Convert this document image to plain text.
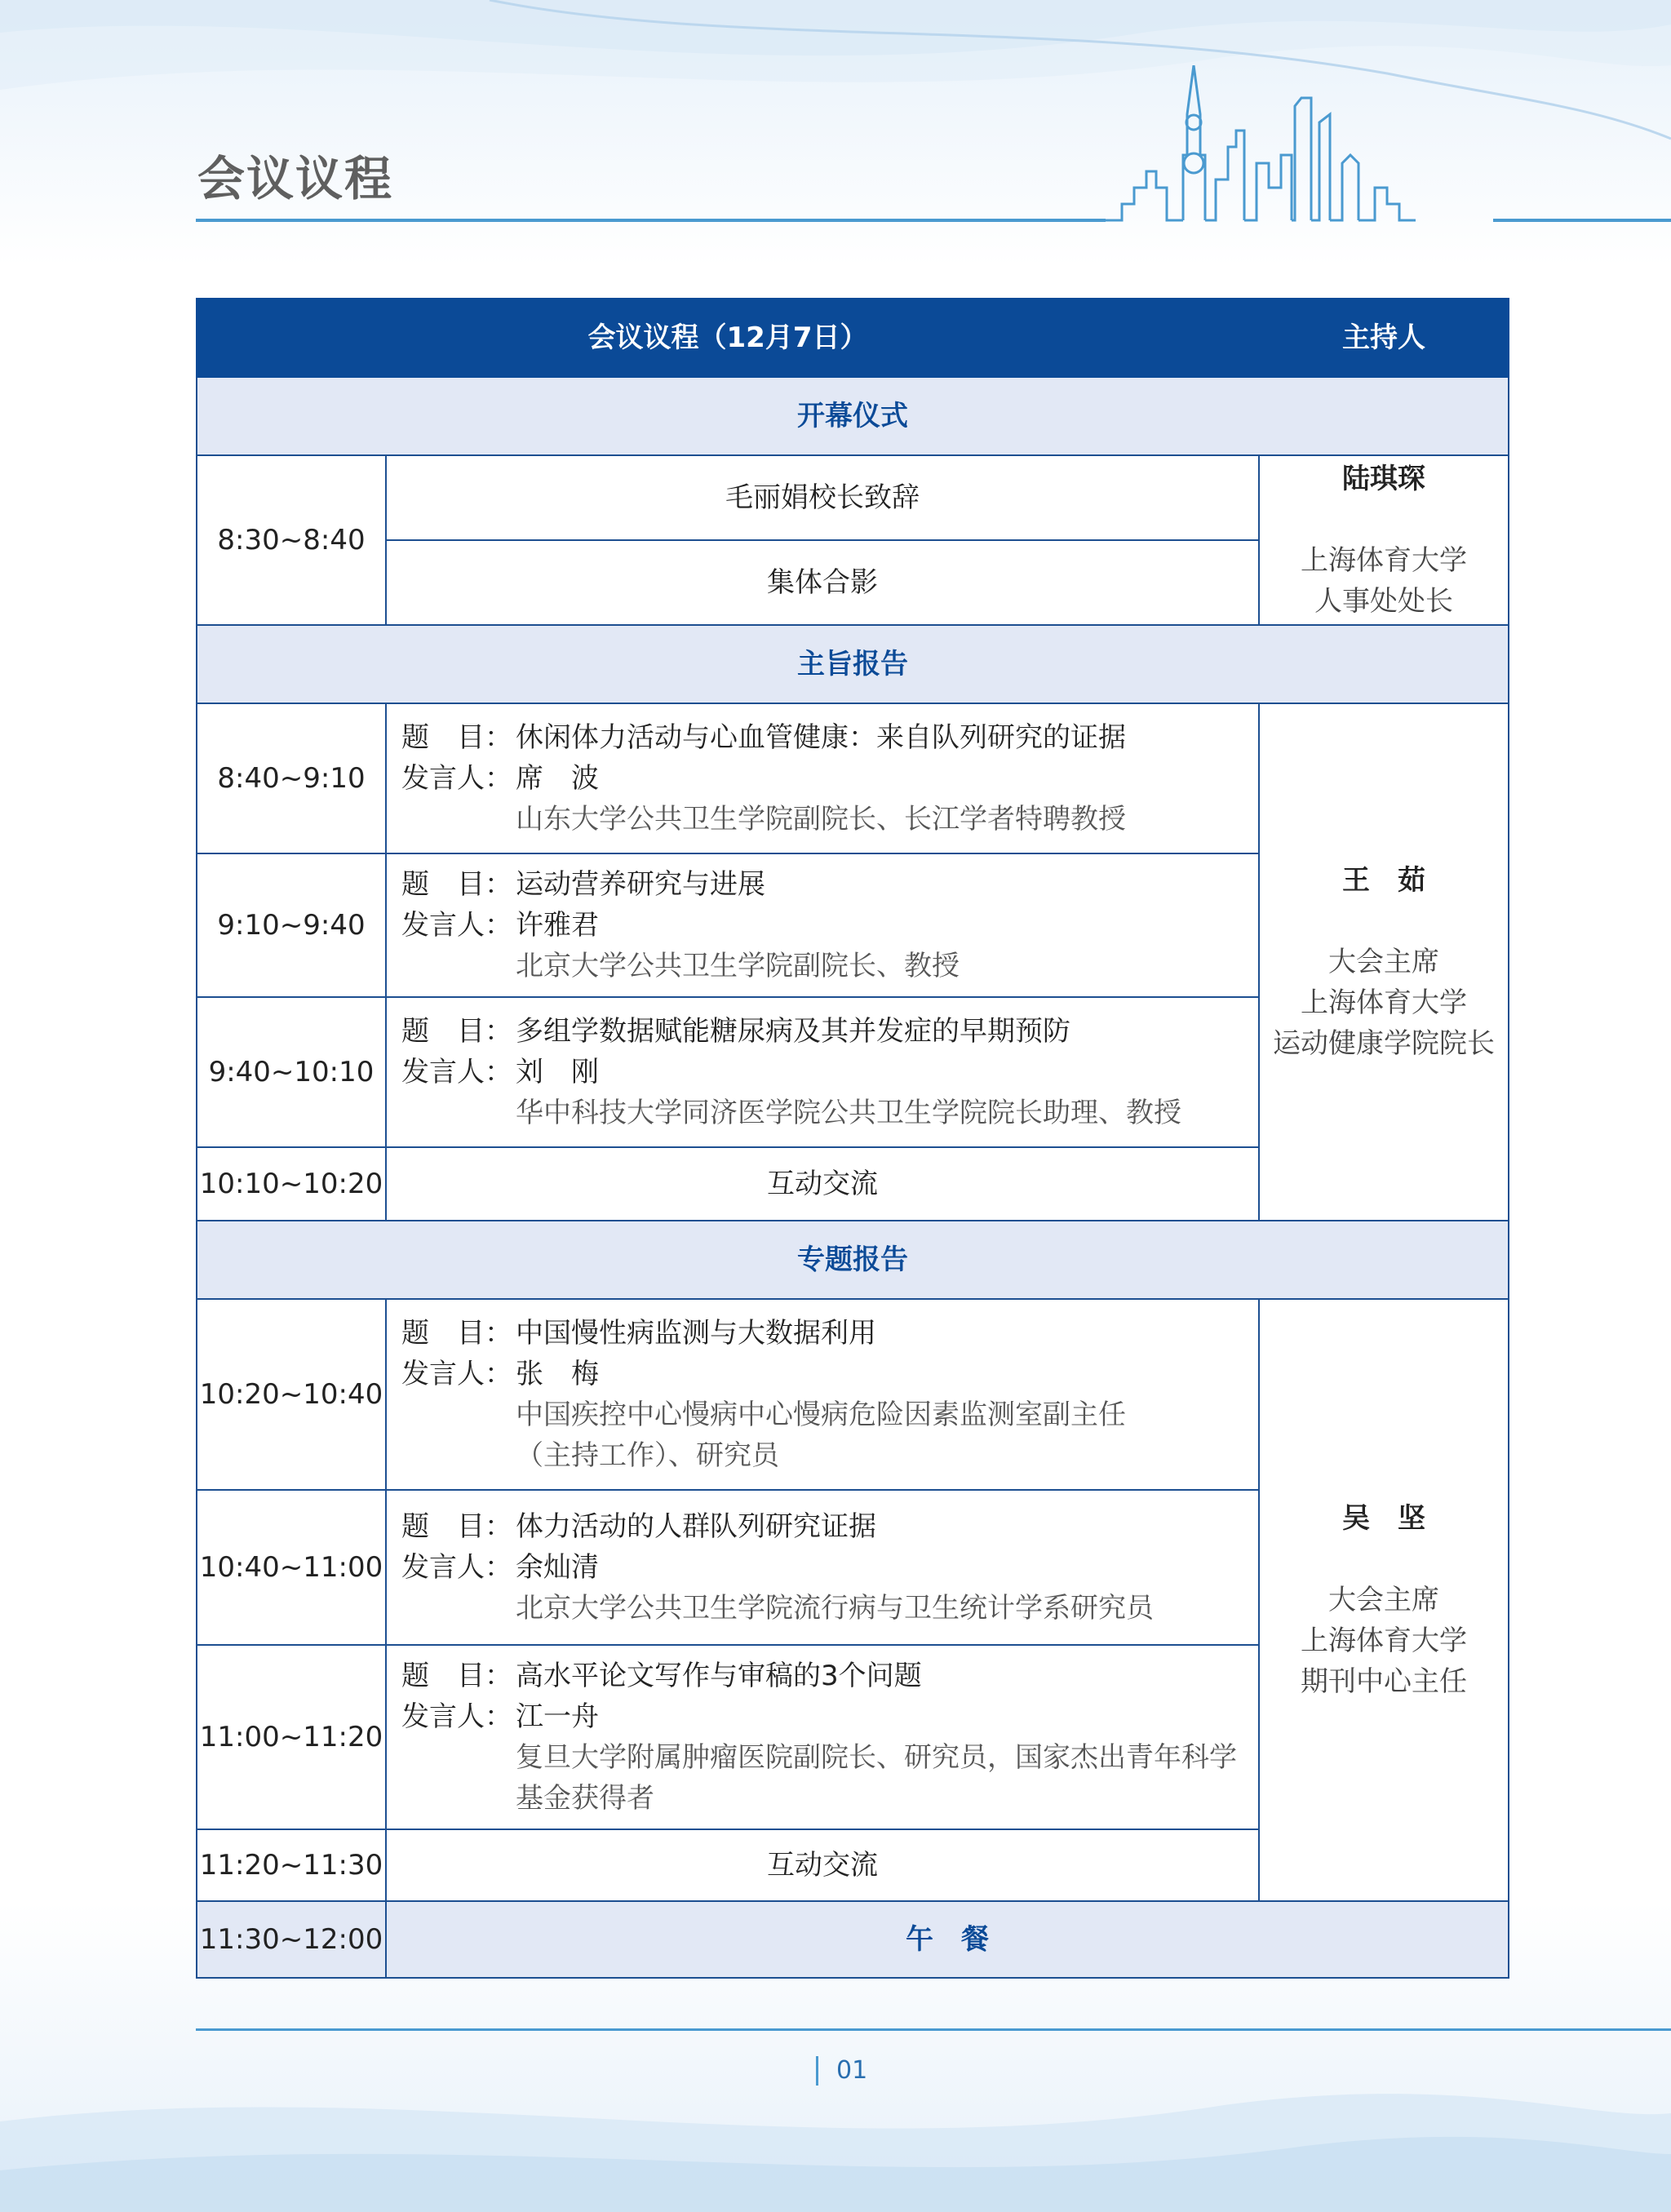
会议议程
会议议程（12月7日）		主持人
开幕仪式		
8:30~8:40	毛丽娟校长致辞	陆琪琛
上海体育大学
人事处处长

	集体合影	
主旨报告		
8:40~9:10	题　目： 休闲体力活动与心血管健康：来自队列研究的证据
发言人： 席　波
山东大学公共卫生学院副院长、长江学者特聘教授	王　茹
大会主席
上海体育大学
运动健康学院院长

9:10~9:40	题　目： 运动营养研究与进展
发言人： 许雅君
北京大学公共卫生学院副院长、教授	

9:40~10:10	题　目： 多组学数据赋能糖尿病及其并发症的早期预防
发言人： 刘　刚
华中科技大学同济医学院公共卫生学院院长助理、教授	

10:10~10:20	互动交流	
专题报告		
10:20~10:40	题　目： 中国慢性病监测与大数据利用
发言人： 张　梅
中国疾控中心慢病中心慢病危险因素监测室副主任
（主持工作）、研究员	吴　坚
大会主席
上海体育大学
期刊中心主任

10:40~11:00	题　目： 体力活动的人群队列研究证据
发言人： 余灿清
北京大学公共卫生学院流行病与卫生统计学系研究员	

11:00~11:20	题　目： 高水平论文写作与审稿的3个问题
发言人： 江一舟
复旦大学附属肿瘤医院副院长、研究员，国家杰出青年科学
基金获得者	

11:20~11:30	互动交流	
11:30~12:00	午　餐	
01
